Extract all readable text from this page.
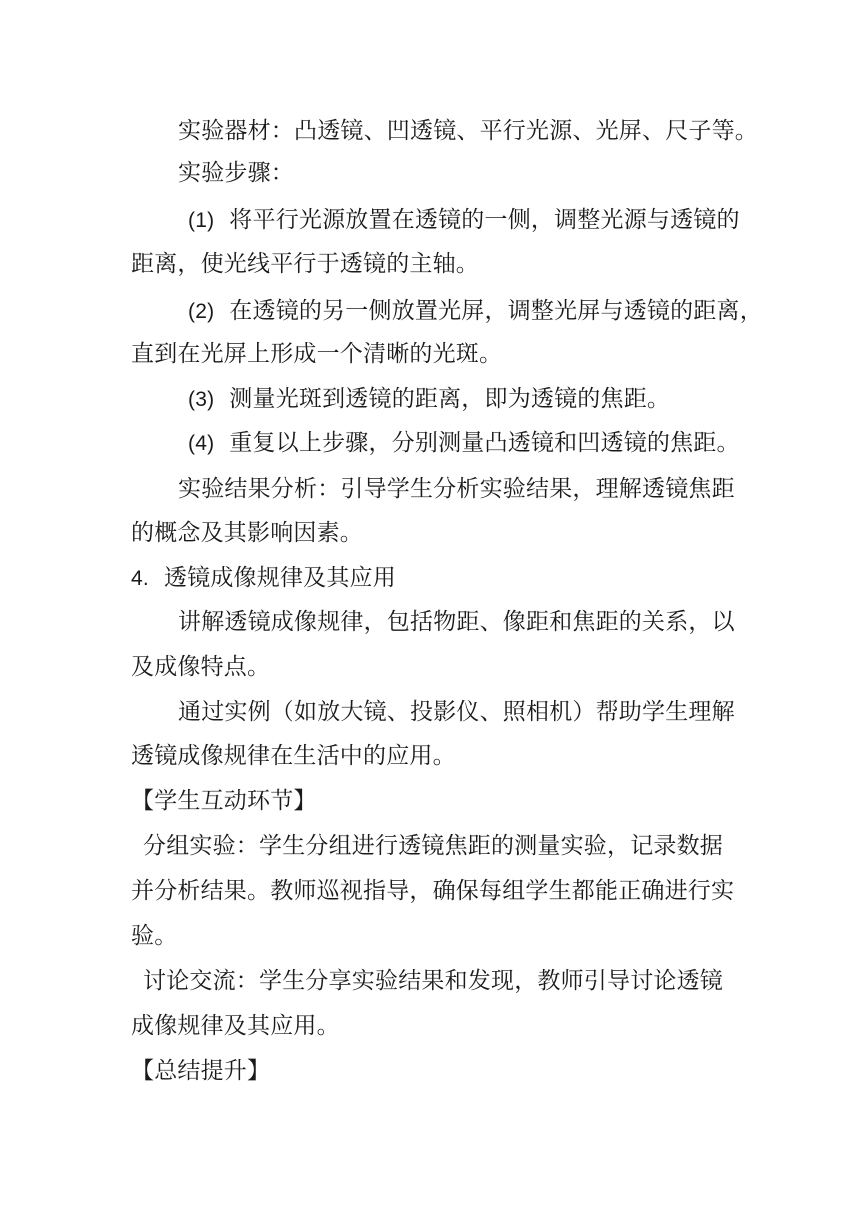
实验器材：凸透镜、凹透镜、平行光源、光屏、尺子等。
实验步骤：
(1) 将平行光源放置在透镜的一侧，调整光源与透镜的
距离，使光线平行于透镜的主轴。
(2) 在透镜的另一侧放置光屏，调整光屏与透镜的距离，
直到在光屏上形成一个清晰的光斑。
(3) 测量光斑到透镜的距离，即为透镜的焦距。
(4) 重复以上步骤，分别测量凸透镜和凹透镜的焦距。
实验结果分析：引导学生分析实验结果，理解透镜焦距
的概念及其影响因素。
4. 透镜成像规律及其应用
讲解透镜成像规律，包括物距、像距和焦距的关系，以
及成像特点。
通过实例（如放大镜、投影仪、照相机）帮助学生理解
透镜成像规律在生活中的应用。
【学生互动环节】
分组实验：学生分组进行透镜焦距的测量实验，记录数据
并分析结果。教师巡视指导，确保每组学生都能正确进行实
验。
讨论交流：学生分享实验结果和发现，教师引导讨论透镜
成像规律及其应用。
【总结提升】
